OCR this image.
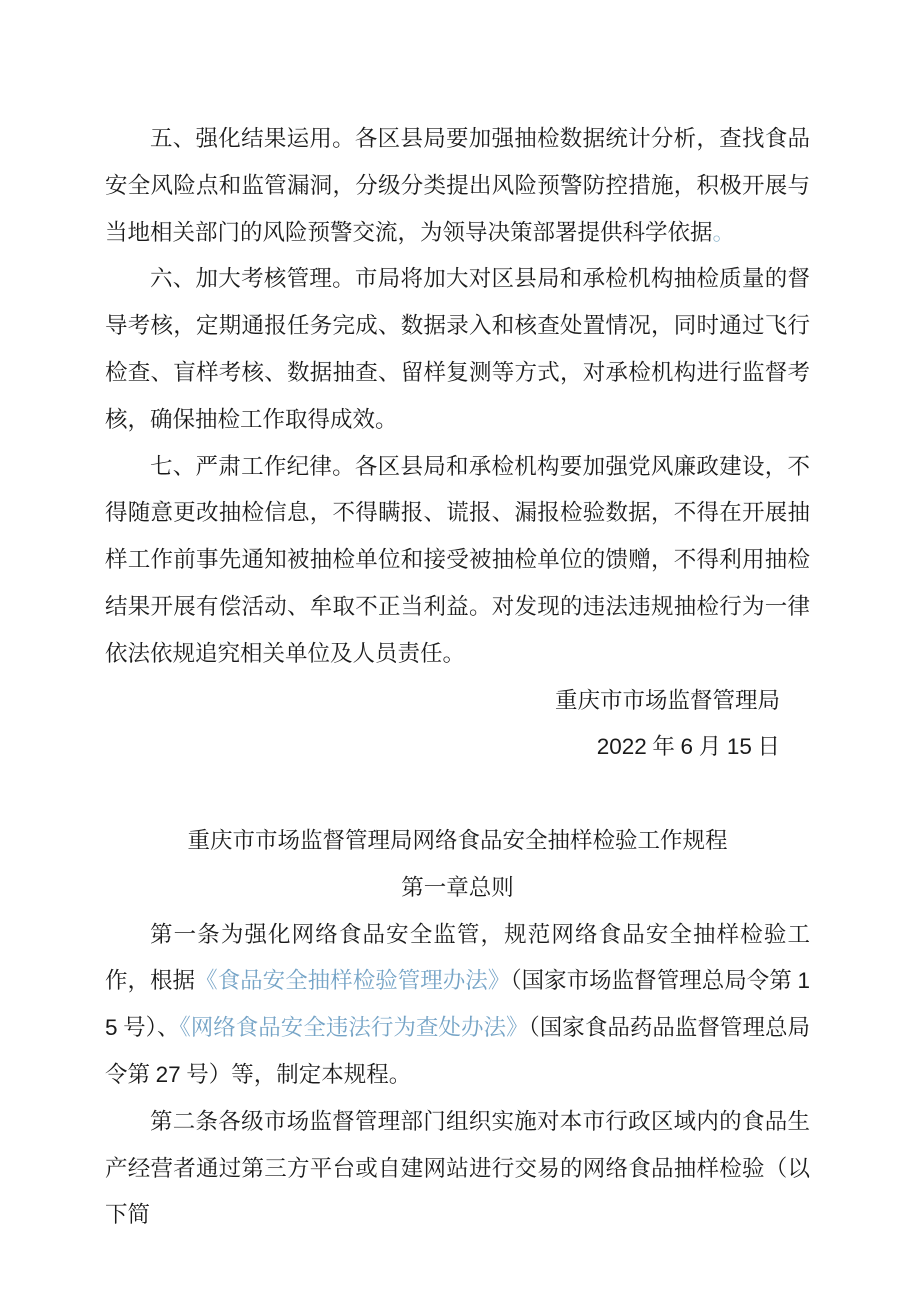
五、强化结果运用。各区县局要加强抽检数据统计分析，查找食品安全风险点和监管漏洞，分级分类提出风险预警防控措施，积极开展与当地相关部门的风险预警交流，为领导决策部署提供科学依据。
六、加大考核管理。市局将加大对区县局和承检机构抽检质量的督导考核，定期通报任务完成、数据录入和核查处置情况，同时通过飞行检查、盲样考核、数据抽查、留样复测等方式，对承检机构进行监督考核，确保抽检工作取得成效。
七、严肃工作纪律。各区县局和承检机构要加强党风廉政建设，不得随意更改抽检信息，不得瞒报、谎报、漏报检验数据，不得在开展抽样工作前事先通知被抽检单位和接受被抽检单位的馈赠，不得利用抽检结果开展有偿活动、牟取不正当利益。对发现的违法违规抽检行为一律依法依规追究相关单位及人员责任。
重庆市市场监督管理局
2022 年 6 月 15 日
重庆市市场监督管理局网络食品安全抽样检验工作规程
第一章总则
第一条为强化网络食品安全监管，规范网络食品安全抽样检验工作，根据《食品安全抽样检验管理办法》（国家市场监督管理总局令第 15 号）、《网络食品安全违法行为查处办法》（国家食品药品监督管理总局令第 27 号）等，制定本规程。
第二条各级市场监督管理部门组织实施对本市行政区域内的食品生产经营者通过第三方平台或自建网站进行交易的网络食品抽样检验（以下简
